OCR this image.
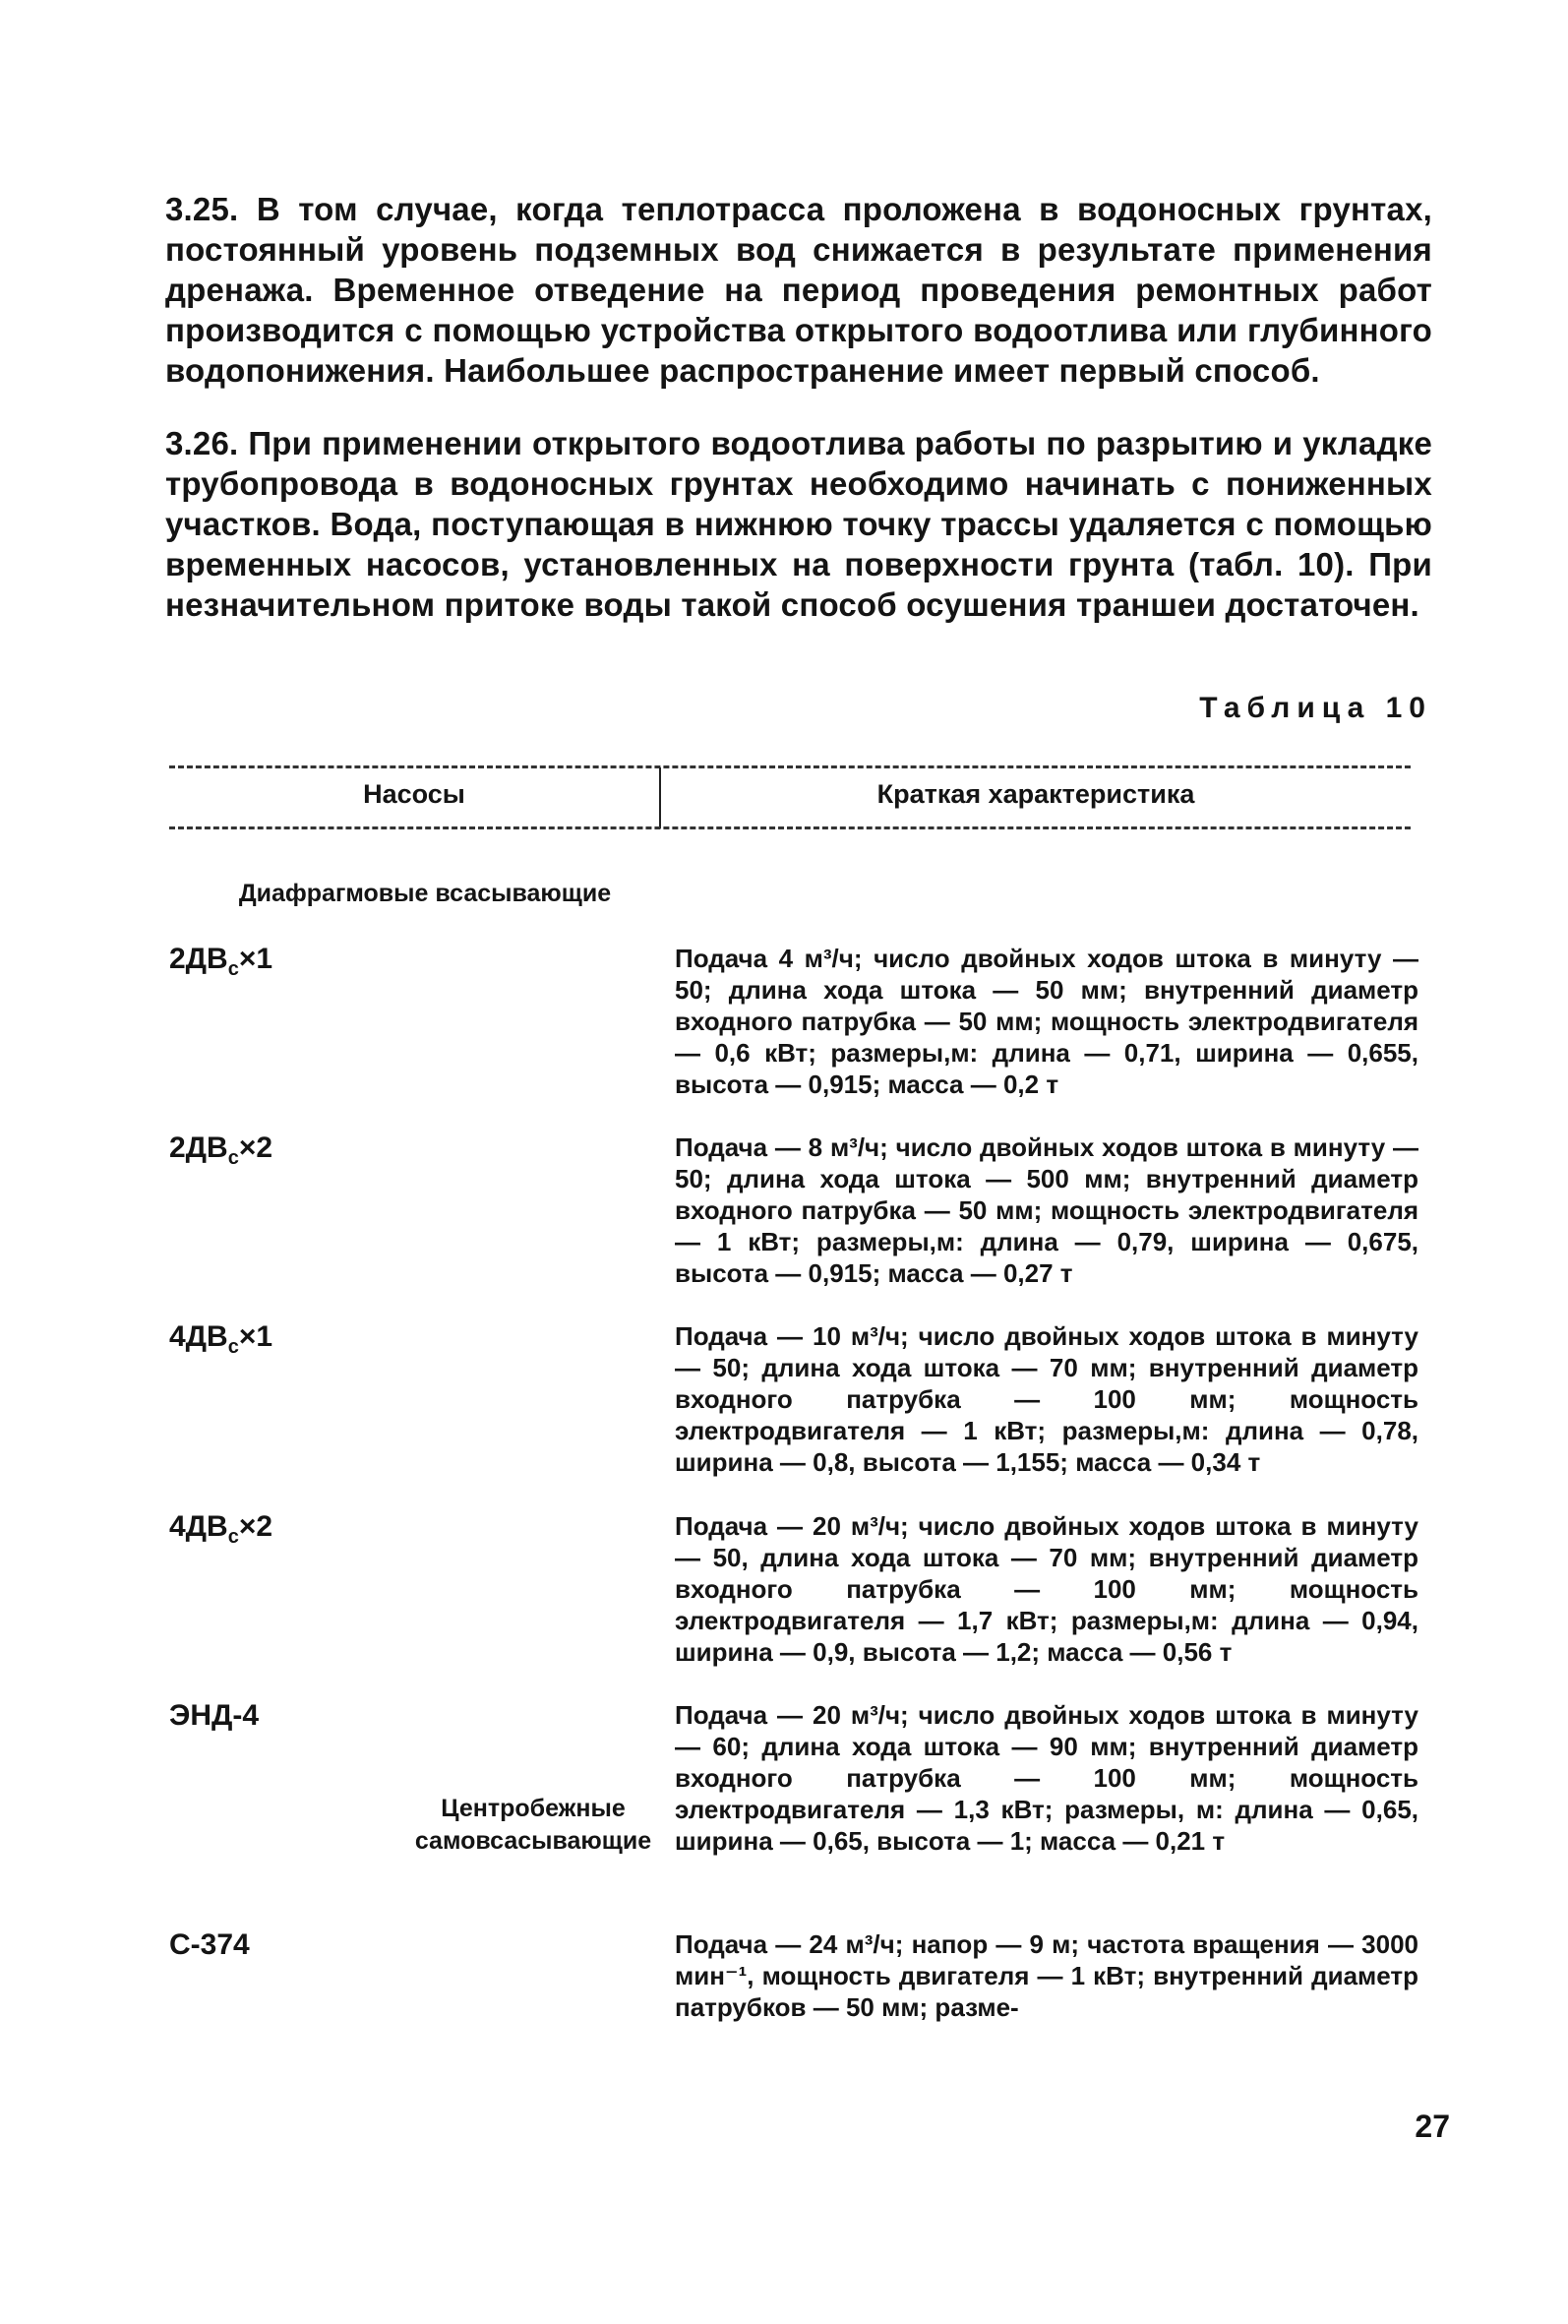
3.25. В том случае, когда теплотрасса проложена в водоносных грунтах, постоянный уровень подземных вод снижается в результате применения дренажа. Временное отведение на период проведения ремонтных работ производится с помощью устройства открытого водоотлива или глубинного водопонижения. Наибольшее распространение имеет первый способ.

3.26. При применении открытого водоотлива работы по разрытию и укладке трубопровода в водоносных грунтах необходимо начинать с пониженных участков. Вода, поступающая в нижнюю точку трассы удаляется с помощью временных насосов, установленных на поверхности грунта (табл. 10). При незначительном притоке воды такой способ осушения траншеи достаточен.

Таблица 10
Насосы	Краткая характеристика
Диафрагмовые всасывающие
$2ДВ_с\times 1$	Подача 4 м³/ч; число двойных ходов штока в минуту — 50; длина хода штока — 50 мм; внутренний диаметр входного патрубка — 50 мм; мощность электродвигателя — 0,6 кВт; размеры,м: длина — 0,71, ширина — 0,655, высота — 0,915; масса — 0,2 т

$2ДВ_с\times 2$	Подача — 8 м³/ч; число двойных ходов штока в минуту — 50; длина хода штока — 500 мм; внутренний диаметр входного патрубка — 50 мм; мощность электродвигателя — 1 кВт; размеры,м: длина — 0,79, ширина — 0,675, высота — 0,915; масса — 0,27 т

$4ДВ_с\times 1$	Подача — 10 м³/ч; число двойных ходов штока в минуту — 50; длина хода штока — 70 мм; внутренний диаметр входного патрубка — 100 мм; мощность электродвигателя — 1 кВт; размеры,м: длина — 0,78, ширина — 0,8, высота — 1,155; масса — 0,34 т

$4ДВ_с\times 2$	Подача — 20 м³/ч; число двойных ходов штока в минуту — 50, длина хода штока — 70 мм; внутренний диаметр входного патрубка — 100 мм; мощность электродвигателя — 1,7 кВт; размеры,м: длина — 0,94, ширина — 0,9, высота — 1,2; масса — 0,56 т

ЭНД-4	Подача — 20 м³/ч; число двойных ходов штока в минуту — 60; длина хода штока — 90 мм; внутренний диаметр входного патрубка — 100 мм; мощность электродвигателя — 1,3 кВт; размеры, м: длина — 0,65, ширина — 0,65, высота — 1; масса — 0,21 т

Центробежные
самовсасывающие
С-374	Подача — 24 м³/ч; напор — 9 м; частота вращения — 3000 мин⁻¹, мощность двигателя — 1 кВт; внутренний диаметр патрубков — 50 мм; разме-

27
